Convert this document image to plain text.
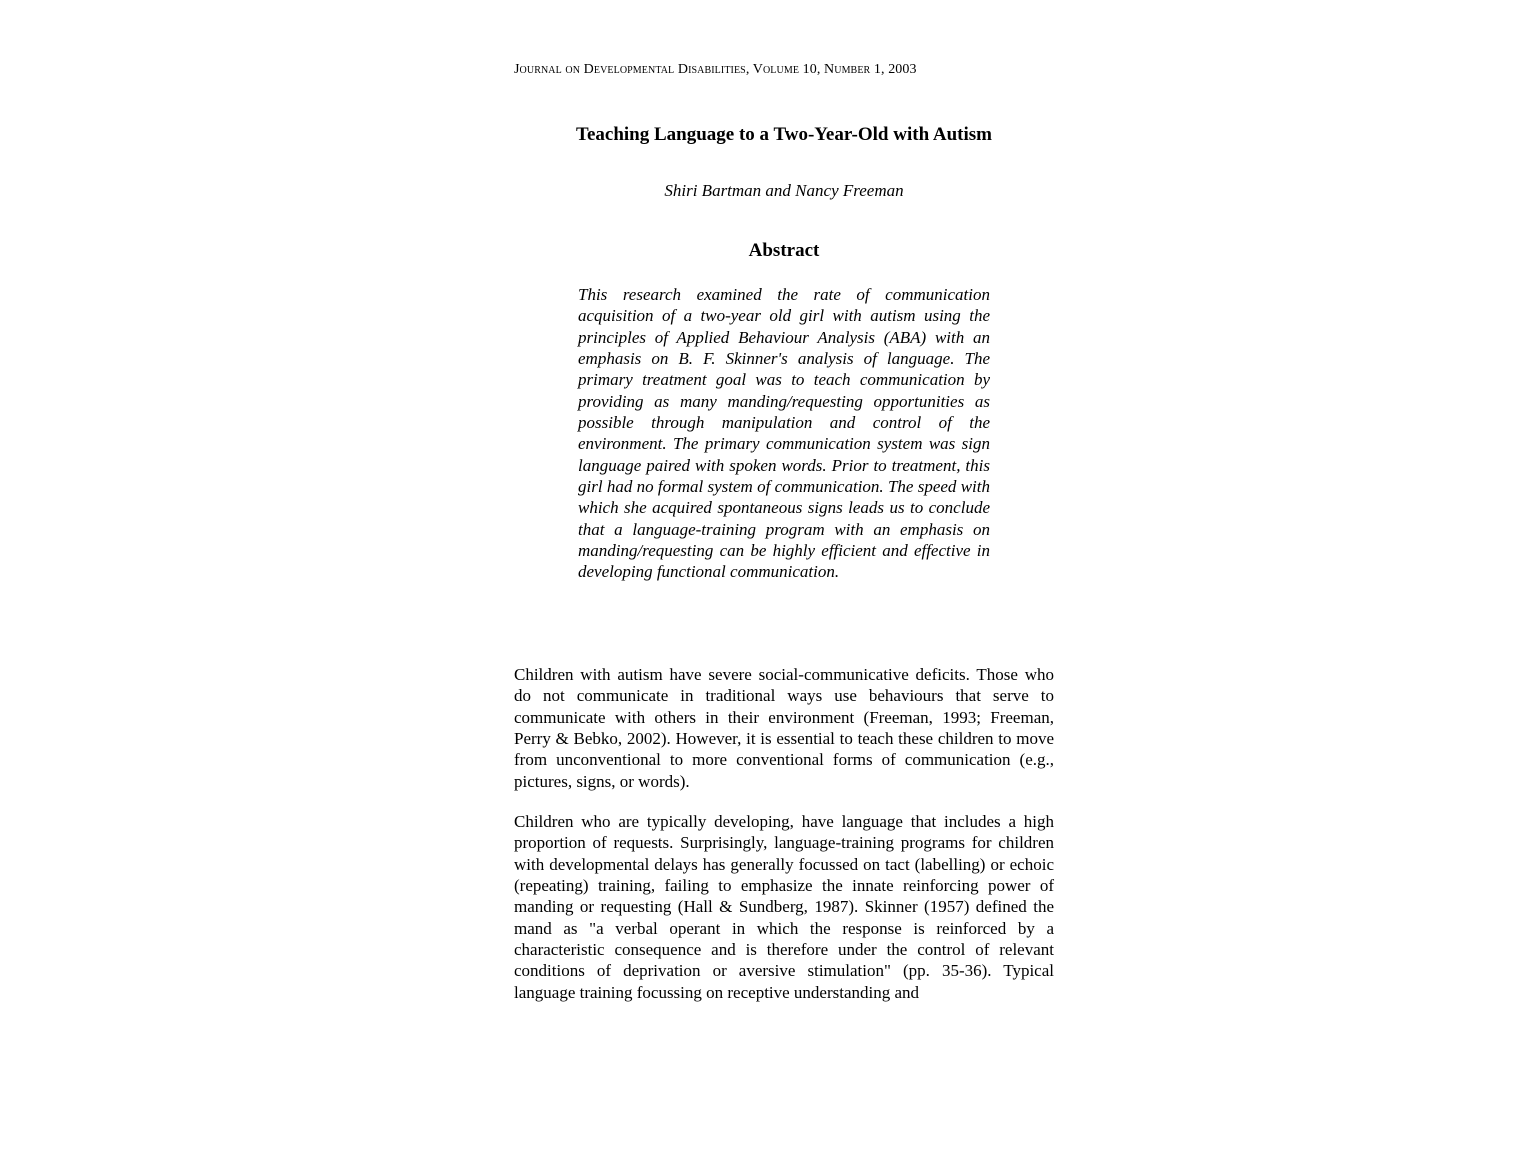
Journal on Developmental Disabilities, Volume 10, Number 1, 2003
Teaching Language to a Two-Year-Old with Autism
Shiri Bartman and Nancy Freeman
Abstract

This research examined the rate of communication acquisition of a two-year old girl with autism using the principles of Applied Behaviour Analysis (ABA) with an emphasis on B. F. Skinner's analysis of language. The primary treatment goal was to teach communication by providing as many manding/requesting opportunities as possible through manipulation and control of the environment. The primary communication system was sign language paired with spoken words. Prior to treatment, this girl had no formal system of communication. The speed with which she acquired spontaneous signs leads us to conclude that a language-training program with an emphasis on manding/requesting can be highly efficient and effective in developing functional communication.

Children with autism have severe social-communicative deficits. Those who do not communicate in traditional ways use behaviours that serve to communicate with others in their environment (Freeman, 1993; Freeman, Perry & Bebko, 2002). However, it is essential to teach these children to move from unconventional to more conventional forms of communication (e.g., pictures, signs, or words).

Children who are typically developing, have language that includes a high proportion of requests. Surprisingly, language-training programs for children with developmental delays has generally focussed on tact (labelling) or echoic (repeating) training, failing to emphasize the innate reinforcing power of manding or requesting (Hall & Sundberg, 1987). Skinner (1957) defined the mand as "a verbal operant in which the response is reinforced by a characteristic consequence and is therefore under the control of relevant conditions of deprivation or aversive stimulation" (pp. 35-36). Typical language training focussing on receptive understanding and
